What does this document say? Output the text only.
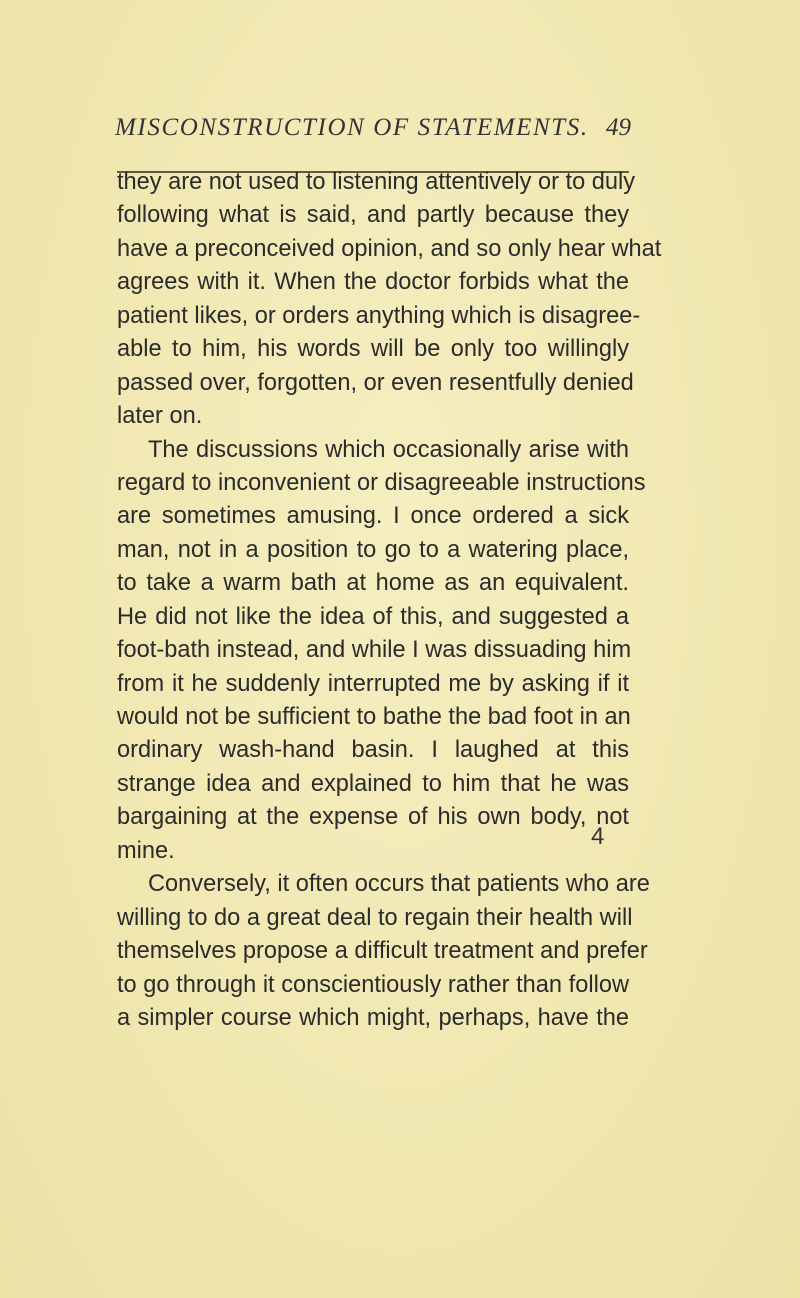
MISCONSTRUCTION OF STATEMENTS. 49
they are not used to listening attentively or to duly
following what is said, and partly because they
have a preconceived opinion, and so only hear what
agrees with it. When the doctor forbids what the
patient likes, or orders anything which is disagree-
able to him, his words will be only too willingly
passed over, forgotten, or even resentfully denied
later on.
The discussions which occasionally arise with
regard to inconvenient or disagreeable instructions
are sometimes amusing. I once ordered a sick
man, not in a position to go to a watering place,
to take a warm bath at home as an equivalent.
He did not like the idea of this, and suggested a
foot-bath instead, and while I was dissuading him
from it he suddenly interrupted me by asking if it
would not be sufficient to bathe the bad foot in an
ordinary wash-hand basin. I laughed at this
strange idea and explained to him that he was
bargaining at the expense of his own body, not
mine.
Conversely, it often occurs that patients who are
willing to do a great deal to regain their health will
themselves propose a difficult treatment and prefer
to go through it conscientiously rather than follow
a simpler course which might, perhaps, have the
4
